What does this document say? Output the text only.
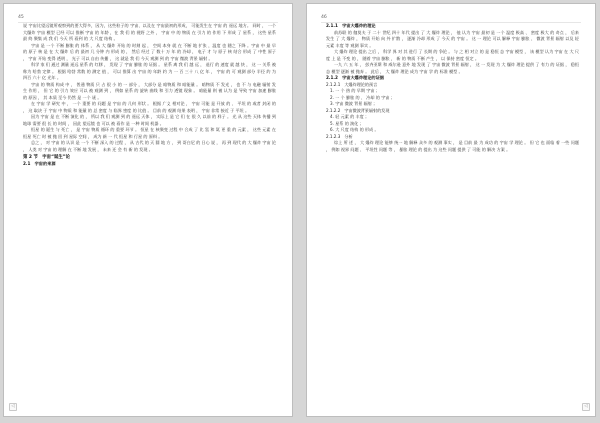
45

说 宇宙比望远镜所观察到的要大得多，因为，这些粒子的 宇宙、以及在 宇宙最初的形成， 可能发生在 宇宙 的 遥远 地方。 同时 ， 一个 大爆炸 宇宙 模型 已经 可以 推断 宇宙 的 年龄 ，在 我 们 的 视野 之外 ， 宇宙 中 的 物质 在 引力 的 作用 下 形成 了 星系 ， 这些 星系 最 终 聚集 成 我 们 今天 所 看到 的 大 尺度 结构 。

宇宙 是 一个 不断 膨胀 的 体系 ， 从 大 爆炸 开始 的 时刻 起 ， 空间 本身 就 在 不断 地 扩张 ，温度 也 随之 下降 。宇宙 中 最 早 的 原子 核 是 在 大 爆炸 后 的 最初 几 分钟 内 形成 的 ， 然后 经过 了 数十 万 年 的 冷却 ， 电子 才 与 原子 核 结合 形成 了 中性 原子 ， 宇宙 开始 变得 透明 ， 光子 可以 自由 传播 ， 这 就是 我 们 今天 观测 到 的 宇宙 微波 背景 辐射 。

科学 家 们 通过 测量 遥远 星系 的 红移 ， 发现 了 宇宙 膨胀 的 证据 。 星系 离 我 们 越 远 ， 退行 的 速度 就 越 快 ， 这 一 关系 被 称为 哈勃 定律 。 根据 哈勃 常数 的 测定 值 ， 可以 推算 出 宇宙 的 年龄 约 为 一 百 三十 八 亿 年 ， 宇宙 的 可 观测 部分 半径 约 为 四百 六十 亿 光年 。

宇宙 的 物质 构成 中 ， 普通 物质 只 占 很 小 的 一 部分 ， 大部分 是 暗物质 和 暗能量 。 暗物质 不 发光 ， 也 不 与 电磁 辐射 发生 作用 ， 但 它 的 引力 效应 可以 被 观测 到 ， 例如 星系 的 旋转 曲线 和 引力 透镜 现象 。 暗能量 则 被 认为 是 导致 宇宙 加速 膨胀 的 原因 ， 其 本质 至今 仍然 是 一个 谜 。

在 宇宙 学 研究 中 ， 一个 重要 的 问题 是 宇宙 的 几何 形状 。 根据 广义 相对论 ， 宇宙 可能 是 开放 的 、 平坦 的 或者 封闭 的 ， 这 取决 于 宇宙 中 物质 和 能量 的 总 密度 与 临界 密度 的 比值 。 目前 的 观测 结果 表明 ， 宇宙 非常 接近 于 平坦 。

因为 宇宙 是 在 不断 演化 的 ， 所以 我 们 观测 到 的 遥远 天体 ， 实际上 是 它 们 在 很 久 以前 的 样子 。 光 从 这些 天体 传播 到 地球 需要 很 长 的 时间 ， 因此 望远镜 也 可以 被 看作 是 一种 时间 机器 。

恒星 的 诞生 与 死亡 ， 是 宇宙 物质 循环 的 重要 环节 。 恒星 在 核聚变 过程 中 合成 了 比 氢 和 氦 更 重 的 元素 ， 这些 元素 在 恒星 死亡 时 被 抛 回 到 星际 空间 ， 成为 新 一 代 恒星 和 行星 的 原料 。

总之 ， 对 宇宙 的 认识 是 一个 不断 深入 的 过程 ， 从 古代 的 天 圆 地 方 ， 到 哥白尼 的 日心 说 ， 再 到 现代 的 大 爆炸 宇宙 论 ， 人类 对 宇宙 的 理解 在 不断 地 发展 ， 未来 还 会 有 新 的 发现 。

第 2 节　宇宙“诞生”论
2.1　宇宙的来源
◁
46
2.1.1　宇宙大爆炸的理论

前苏联 的 伽莫夫 于 二十 世纪 四十 年代 提出 了 大 爆炸 理论 ， 他 认为 宇宙 最初 是 一个 温度 极高 、 密度 极大 的 奇点 ， 后来 发生 了 大 爆炸 ， 物质 开始 向 外 扩散 ， 逐渐 冷却 形成 了 今天 的 宇宙 。 这 一 理论 可以 解释 宇宙 膨胀 、 微波 背景 辐射 以及 轻 元素 丰度 等 观测 事实 。

大 爆炸 理论 提出 之后 ， 科学 界 对 其 进行 了 长期 的 争论 。 与 之 相 对立 的 是 稳恒 态 宇宙 模型 ， 该 模型 认为 宇宙 在 大 尺度 上 是 不变 的 ， 随着 宇宙 膨胀 ， 新 的 物质 不断 产生 ， 以 保持 密度 恒定 。

一九 六 五 年 ， 彭齐亚斯 和 威尔逊 意外 地 发现 了 宇宙 微波 背景 辐射 ， 这 一 发现 为 大 爆炸 理论 提供 了 有力 的 证据 ， 稳恒 态 模型 逐渐 被 抛弃 。 此后 ， 大 爆炸 理论 成为 宇宙 学 的 标准 模型 。

2.1.2　宇宙大爆炸理论的证据
2.1.2.1　大爆炸理论的预言
1. 一 个 热 的 早期 宇宙 ；
2. 一 个 膨胀 的 、 冷却 的 宇宙 ；
3. 宇宙 微波 背景 辐射 ；
2.1.2.2　宇宙微波背景辐射的发现
4. 轻 元素 的 丰度 ；
5. 星系 的 演化 ；
6. 大 尺度 结构 的 形成 。
2.1.2.3　分析

综上 所 述 ， 大 爆炸 理论 能够 统一 地 解释 众多 的 观测 事实 ， 是 目前 最 为 成功 的 宇宙 学 理论 。 但 它 也 面临 着 一些 问题 ， 例如 视界 问题 、 平坦性 问题 等 ， 暴胀 理论 的 提出 为 这些 问题 提供 了 可能 的 解决 方案 。

◁
